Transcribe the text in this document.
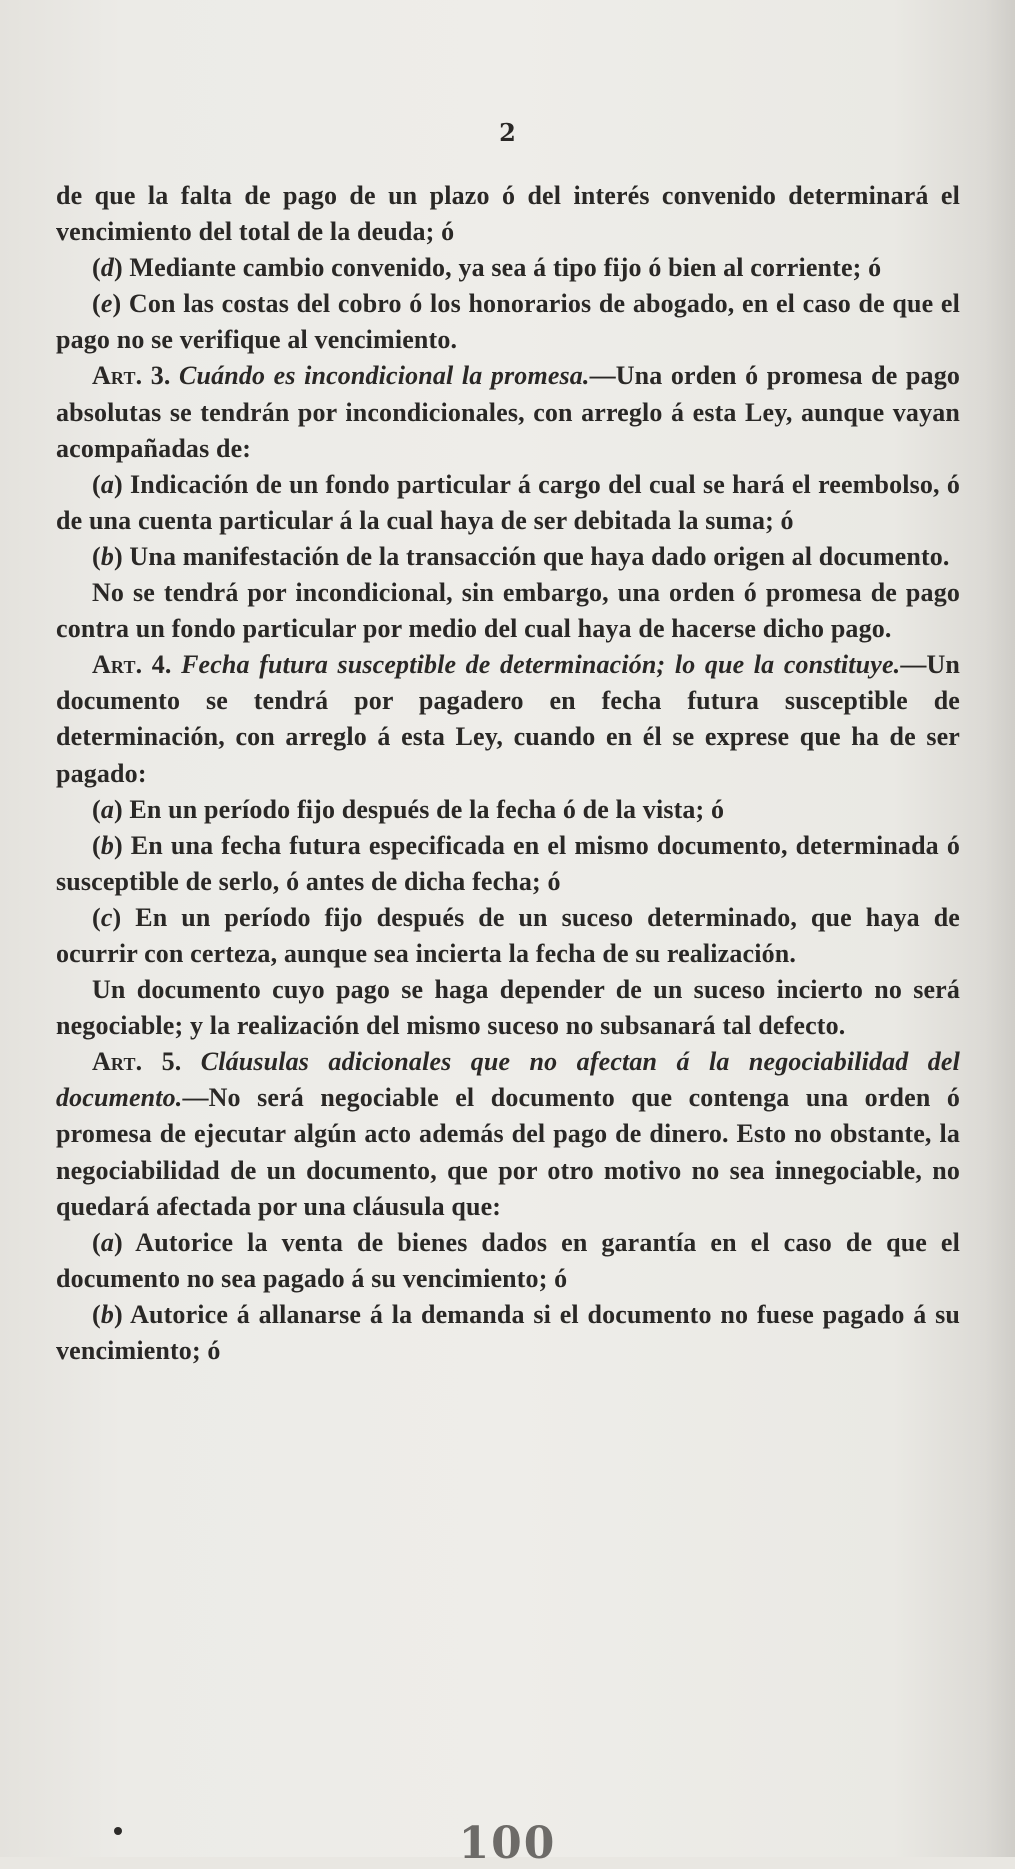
2

de que la falta de pago de un plazo ó del interés convenido determinará el vencimiento del total de la deuda; ó

(d) Mediante cambio convenido, ya sea á tipo fijo ó bien al corriente; ó

(e) Con las costas del cobro ó los honorarios de abogado, en el caso de que el pago no se verifique al vencimiento.

Art. 3. Cuándo es incondicional la promesa.—Una orden ó promesa de pago absolutas se tendrán por incondicionales, con arreglo á esta Ley, aunque vayan acompañadas de:

(a) Indicación de un fondo particular á cargo del cual se hará el reembolso, ó de una cuenta particular á la cual haya de ser debitada la suma; ó

(b) Una manifestación de la transacción que haya dado origen al documento.

No se tendrá por incondicional, sin embargo, una orden ó promesa de pago contra un fondo particular por medio del cual haya de hacerse dicho pago.

Art. 4. Fecha futura susceptible de determinación; lo que la constituye.—Un documento se tendrá por pagadero en fecha futura susceptible de determinación, con arreglo á esta Ley, cuando en él se exprese que ha de ser pagado:

(a) En un período fijo después de la fecha ó de la vista; ó

(b) En una fecha futura especificada en el mismo documento, determinada ó susceptible de serlo, ó antes de dicha fecha; ó

(c) En un período fijo después de un suceso determinado, que haya de ocurrir con certeza, aunque sea incierta la fecha de su realización.

Un documento cuyo pago se haga depender de un suceso incierto no será negociable; y la realización del mismo suceso no subsanará tal defecto.

Art. 5. Cláusulas adicionales que no afectan á la negociabilidad del documento.—No será negociable el documento que contenga una orden ó promesa de ejecutar algún acto además del pago de dinero. Esto no obstante, la negociabilidad de un documento, que por otro motivo no sea innegociable, no quedará afectada por una cláusula que:

(a) Autorice la venta de bienes dados en garantía en el caso de que el documento no sea pagado á su vencimiento; ó

(b) Autorice á allanarse á la demanda si el documento no fuese pagado á su vencimiento; ó

100
